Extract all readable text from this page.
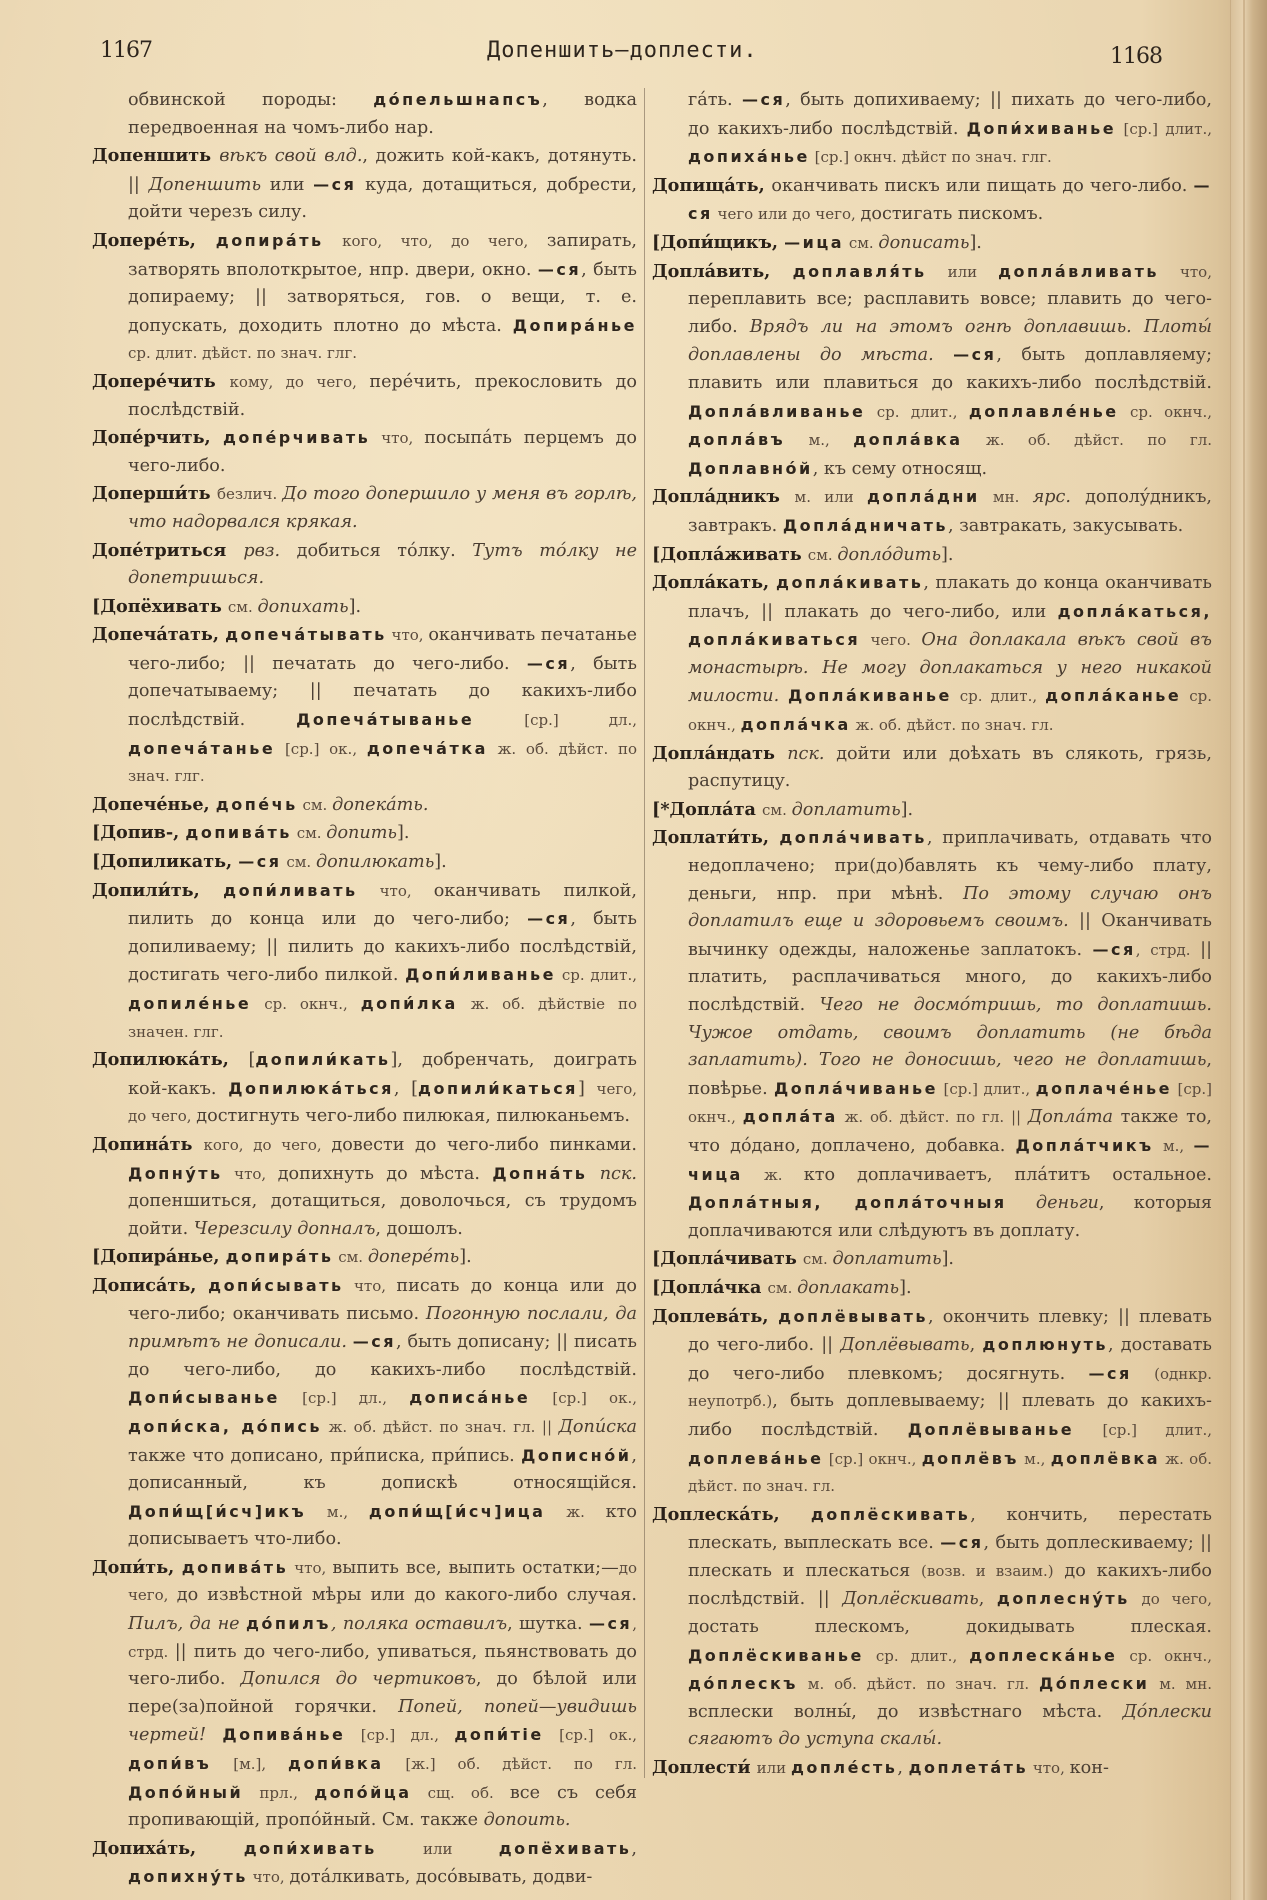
1167	Допеншить—доплести.	1168

обвинской породы: дóпельшнапсъ, водка передвоенная на чомъ-либо нар.

Допеншить вѣкъ свой влд., дожить кой-какъ, дотянуть. || Допеншить или —ся куда, дотащиться, добрести, дойти черезъ силу.

Доперéть, допирáть кого, что, до чего, запирать, затворять вполоткрытое, нпр. двери, окно. —ся, быть допираему; || затворяться, гов. о вещи, т. е. допускать, доходить плотно до мѣста. Допирáнье ср. длит. дѣйст. по знач. глг.

Доперéчить кому, до чего, перéчить, прекословить до послѣдствiй.

Допéрчить, допéрчивать что, посыпáть перцемъ до чего-либо.

Доперши́ть безлич. До того допершило у меня въ горлѣ, что надорвался крякая.

Допéтриться рвз. добиться тóлку. Тутъ тóлку не допетришься.

[Допёхивать см. допихать].

Допечáтать, допечáтывать что, оканчивать печатанье чего-либо; || печатать до чего-либо. —ся, быть допечатываему; || печатать до какихъ-либо послѣдствiй. Допечáтыванье [ср.] дл., допечáтанье [ср.] ок., допечáтка ж. об. дѣйст. по знач. глг.

Допечéнье, допéчь см. допекáть.

[Допив-, допивáть см. допить].

[Допиликать, —ся см. допилюкать].

Допили́ть, допи́ливать что, оканчивать пилкой, пилить до конца или до чего-либо; —ся, быть допиливаему; || пилить до какихъ-либо послѣдствiй, достигать чего-либо пилкой. Допи́ливанье ср. длит., допилéнье ср. окнч., допи́лка ж. об. дѣйствiе по значен. глг.

Допилюкáть, [допили́кать], добренчать, доиграть кой-какъ. Допилюкáться, [допили́каться] чего, до чего, достигнуть чего-либо пилюкая, пилюканьемъ.

Допинáть кого, до чего, довести до чего-либо пинками. Допнýть что, допихнуть до мѣста. Допнáть пск. допеншиться, дотащиться, доволочься, съ трудомъ дойти. Черезсилу допналъ, дошолъ.

[Допирáнье, допирáть см. доперéть].

Дописáть, допи́сывать что, писать до конца или до чего-либо; оканчивать письмо. Погонную послали, да примѣтъ не дописали. —ся, быть дописану; || писать до чего-либо, до какихъ-либо послѣдствiй. Допи́сыванье [ср.] дл., дописáнье [ср.] ок., допи́ска, дóпись ж. об. дѣйст. по знач. гл. || Допи́ска также что дописано, при́писка, при́пись. Дописнóй, дописанный, къ допискѣ относящiйся. Допи́щ[и́сч]икъ м., допи́щ[и́сч]ица ж. кто дописываетъ что-либо.

Допи́ть, допивáть что, выпить все, выпить остатки;—до чего, до извѣстной мѣры или до какого-либо случая. Пилъ, да не дóпилъ, поляка оставилъ, шутка. —ся, стрд. || пить до чего-либо, упиваться, пьянствовать до чего-либо. Допился до чертиковъ, до бѣлой или пере(за)пойной горячки. Попей, попей—увидишь чертей! Допивáнье [ср.] дл., допи́тiе [ср.] ок., допи́въ [м.], допи́вка [ж.] об. дѣйст. по гл. Допóйный прл., допóйца сщ. об. все съ себя пропивающiй, пропóйный. См. также допоить.

Допихáть, допи́хивать или допёхивать, допихнýть что, дотáлкивать, досóвывать, додви-

гáть. —ся, быть допихиваему; || пихать до чего-либо, до какихъ-либо послѣдствiй. Допи́хиванье [ср.] длит., допихáнье [ср.] окнч. дѣйст по знач. глг.

Допищáть, оканчивать пискъ или пищать до чего-либо. —ся чего или до чего, достигать пискомъ.

[Допи́щикъ, —ица см. дописать].

Доплáвить, доплавля́ть или доплáвливать что, переплавить все; расплавить вовсе; плавить до чего-либо. Врядъ ли на этомъ огнѣ доплавишь. Плоты́ доплавлены до мѣста. —ся, быть доплавляему; плавить или плавиться до какихъ-либо послѣдствiй. Доплáвливанье ср. длит., доплавлéнье ср. окнч., доплáвъ м., доплáвка ж. об. дѣйст. по гл. Доплавнóй, къ сему относящ.

Доплáдникъ м. или доплáдни мн. ярс. дополýдникъ, завтракъ. Доплáдничать, завтракать, закусывать.

[Доплáживать см. доплóдить].

Доплáкать, доплáкивать, плакать до конца оканчивать плачъ, || плакать до чего-либо, или доплáкаться, доплáкиваться чего. Она доплакала вѣкъ свой въ монастырѣ. Не могу доплакаться у него никакой милости. Доплáкиванье ср. длит., доплáканье ср. окнч., доплáчка ж. об. дѣйст. по знач. гл.

Доплáндать пск. дойти или доѣхать въ слякоть, грязь, распутицу.

[*Доплáта см. доплатить].

Доплати́ть, доплáчивать, приплачивать, отдавать что недоплачено; при(до)бавлять къ чему-либо плату, деньги, нпр. при мѣнѣ. По этому случаю онъ доплатилъ еще и здоровьемъ своимъ. || Оканчивать вычинку одежды, наложенье заплатокъ. —ся, стрд. || платить, расплачиваться много, до какихъ-либо послѣдствiй. Чего не досмóтришь, то доплатишь. Чужое отдать, своимъ доплатить (не бѣда заплатить). Того не доносишь, чего не доплатишь, повѣрье. Доплáчиванье [ср.] длит., доплачéнье [ср.] окнч., доплáта ж. об. дѣйст. по гл. || Доплáта также то, что дóдано, доплачено, добавка. Доплáтчикъ м., —чица ж. кто доплачиваетъ, плáтитъ остальное. Доплáтныя, доплáточныя деньги, которыя доплачиваются или слѣдуютъ въ доплату.

[Доплáчивать см. доплатить].

[Доплáчка см. доплакать].

Доплевáть, доплёвывать, окончить плевку; || плевать до чего-либо. || Доплёвывать, доплюнуть, доставать до чего-либо плевкомъ; досягнуть. —ся (однкр. неупотрб.), быть доплевываему; || плевать до какихъ-либо послѣдствiй. Доплёвыванье [ср.] длит., доплевáнье [ср.] окнч., доплёвъ м., доплёвка ж. об. дѣйст. по знач. гл.

Доплескáть, доплёскивать, кончить, перестать плескать, выплескать все. —ся, быть доплескиваему; || плескать и плескаться (возв. и взаим.) до какихъ-либо послѣдствiй. || Доплёскивать, доплеснýть до чего, достать плескомъ, докидывать плеская. Доплёскиванье ср. длит., доплескáнье ср. окнч., дóплескъ м. об. дѣйст. по знач. гл. Дóплески м. мн. всплески волны́, до извѣстнаго мѣста. Дóплески сягаютъ до уступа скалы́.

Доплести́ или доплéсть, доплетáть что, кон-
